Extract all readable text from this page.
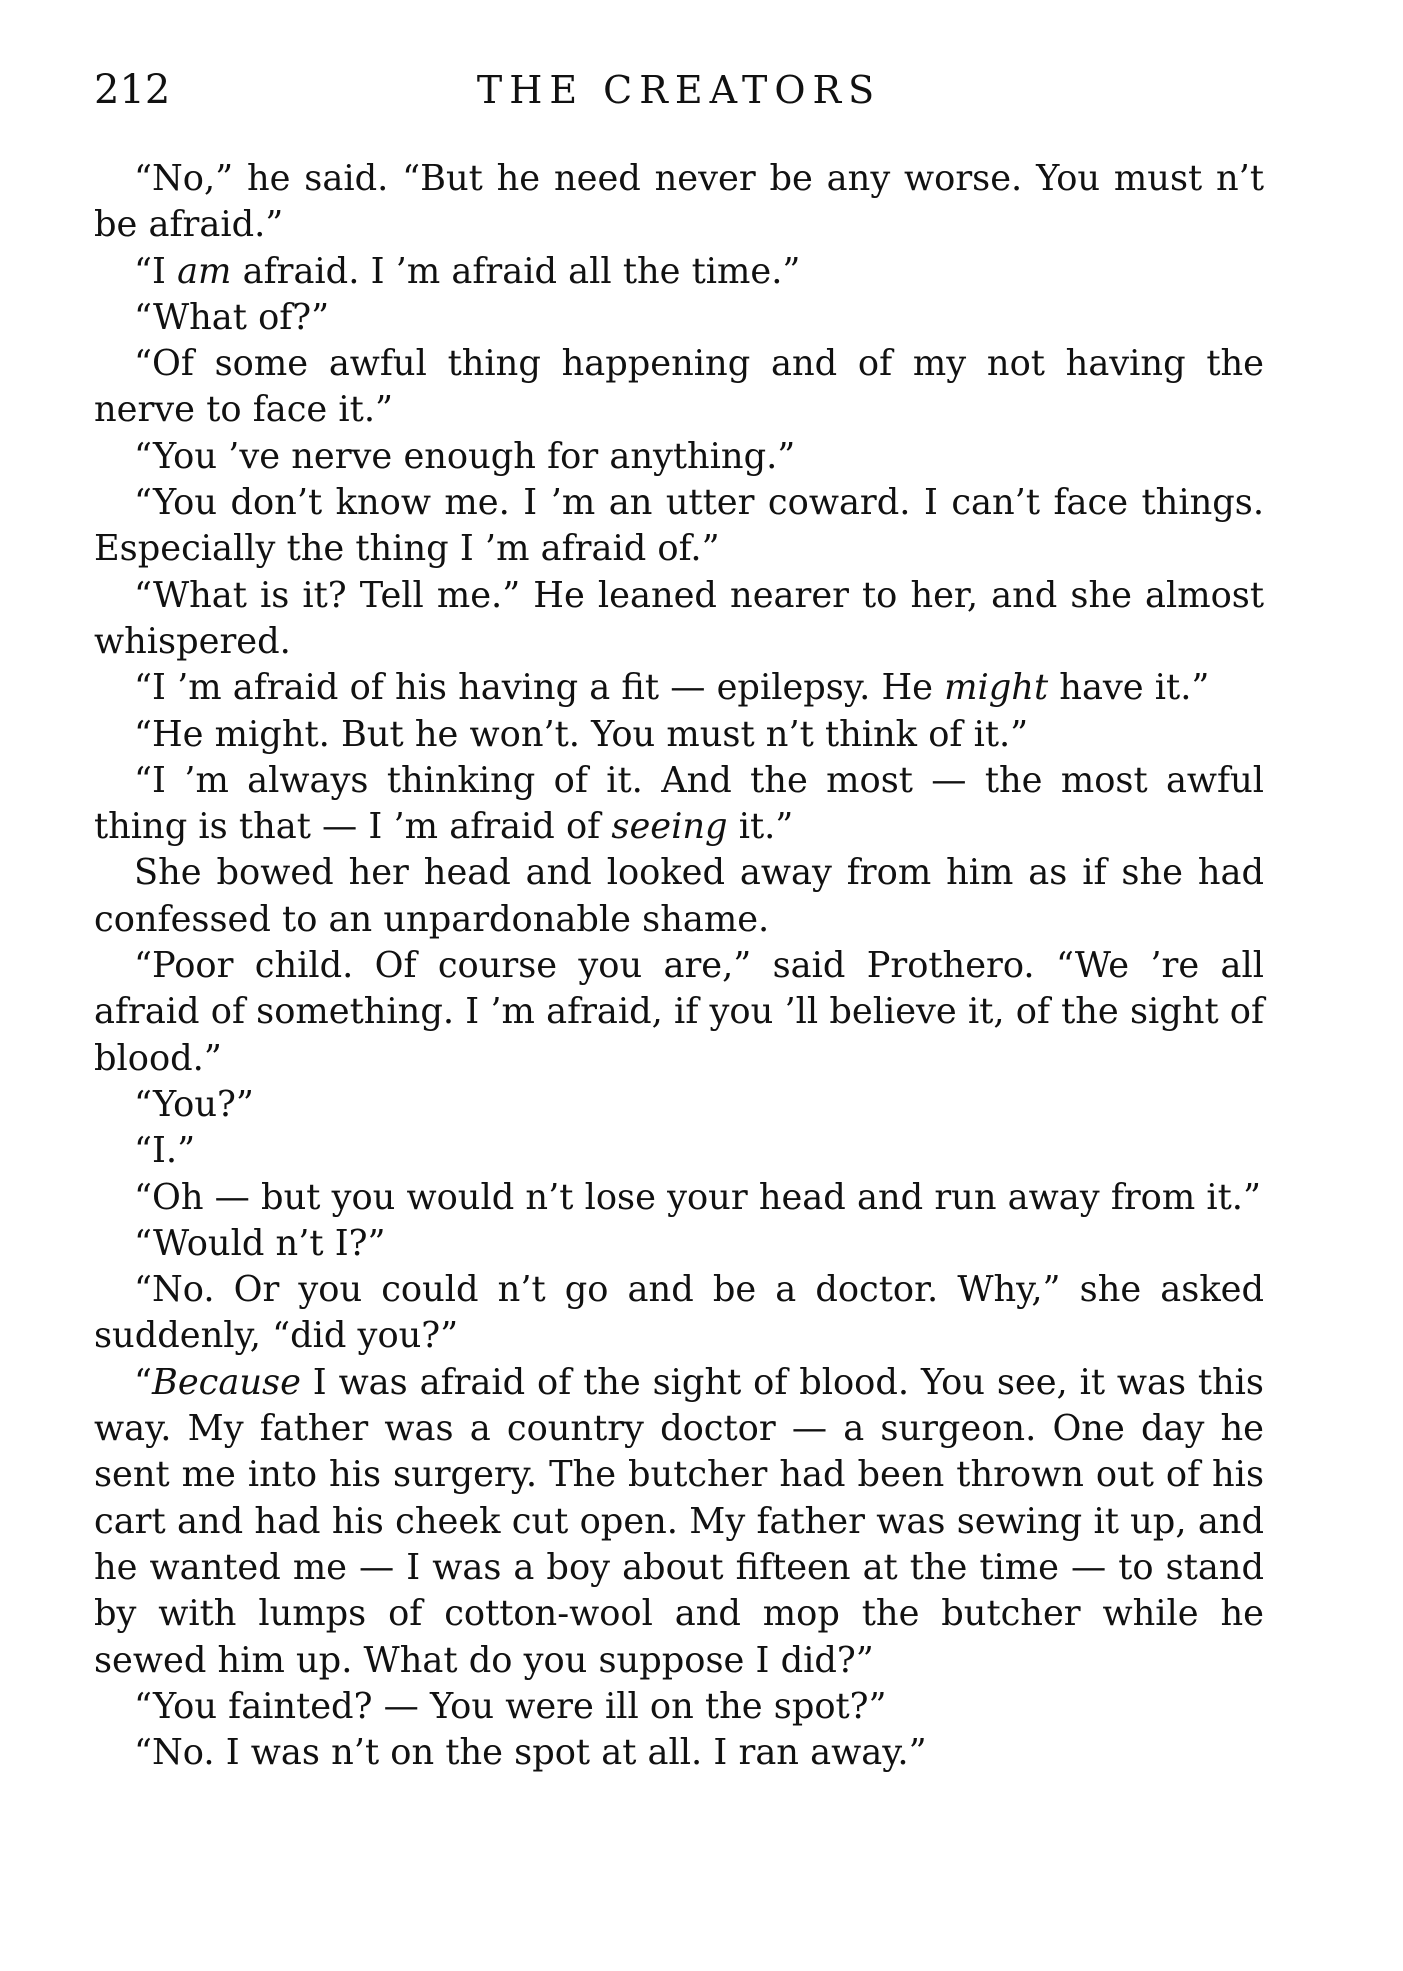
212	THE CREATORS

“No,” he said. “But he need never be any worse. You must n’t be afraid.”

“I am afraid. I ’m afraid all the time.”

“What of?”

“Of some awful thing happening and of my not having the nerve to face it.”

“You ’ve nerve enough for anything.”

“You don’t know me. I ’m an utter coward. I can’t face things. Especially the thing I ’m afraid of.”

“What is it? Tell me.” He leaned nearer to her, and she almost whispered.

“I ’m afraid of his having a fit — epilepsy. He might have it.”

“He might. But he won’t. You must n’t think of it.”

“I ’m always thinking of it. And the most — the most awful thing is that — I ’m afraid of seeing it.”

She bowed her head and looked away from him as if she had confessed to an unpardonable shame.

“Poor child. Of course you are,” said Prothero. “We ’re all afraid of something. I ’m afraid, if you ’ll believe it, of the sight of blood.”

“You?”

“I.”

“Oh — but you would n’t lose your head and run away from it.”

“Would n’t I?”

“No. Or you could n’t go and be a doctor. Why,” she asked suddenly, “did you?”

“Because I was afraid of the sight of blood. You see, it was this way. My father was a country doctor — a surgeon. One day he sent me into his surgery. The butcher had been thrown out of his cart and had his cheek cut open. My father was sewing it up, and he wanted me — I was a boy about fifteen at the time — to stand by with lumps of cotton-wool and mop the butcher while he sewed him up. What do you suppose I did?”

“You fainted? — You were ill on the spot?”

“No. I was n’t on the spot at all. I ran away.”
